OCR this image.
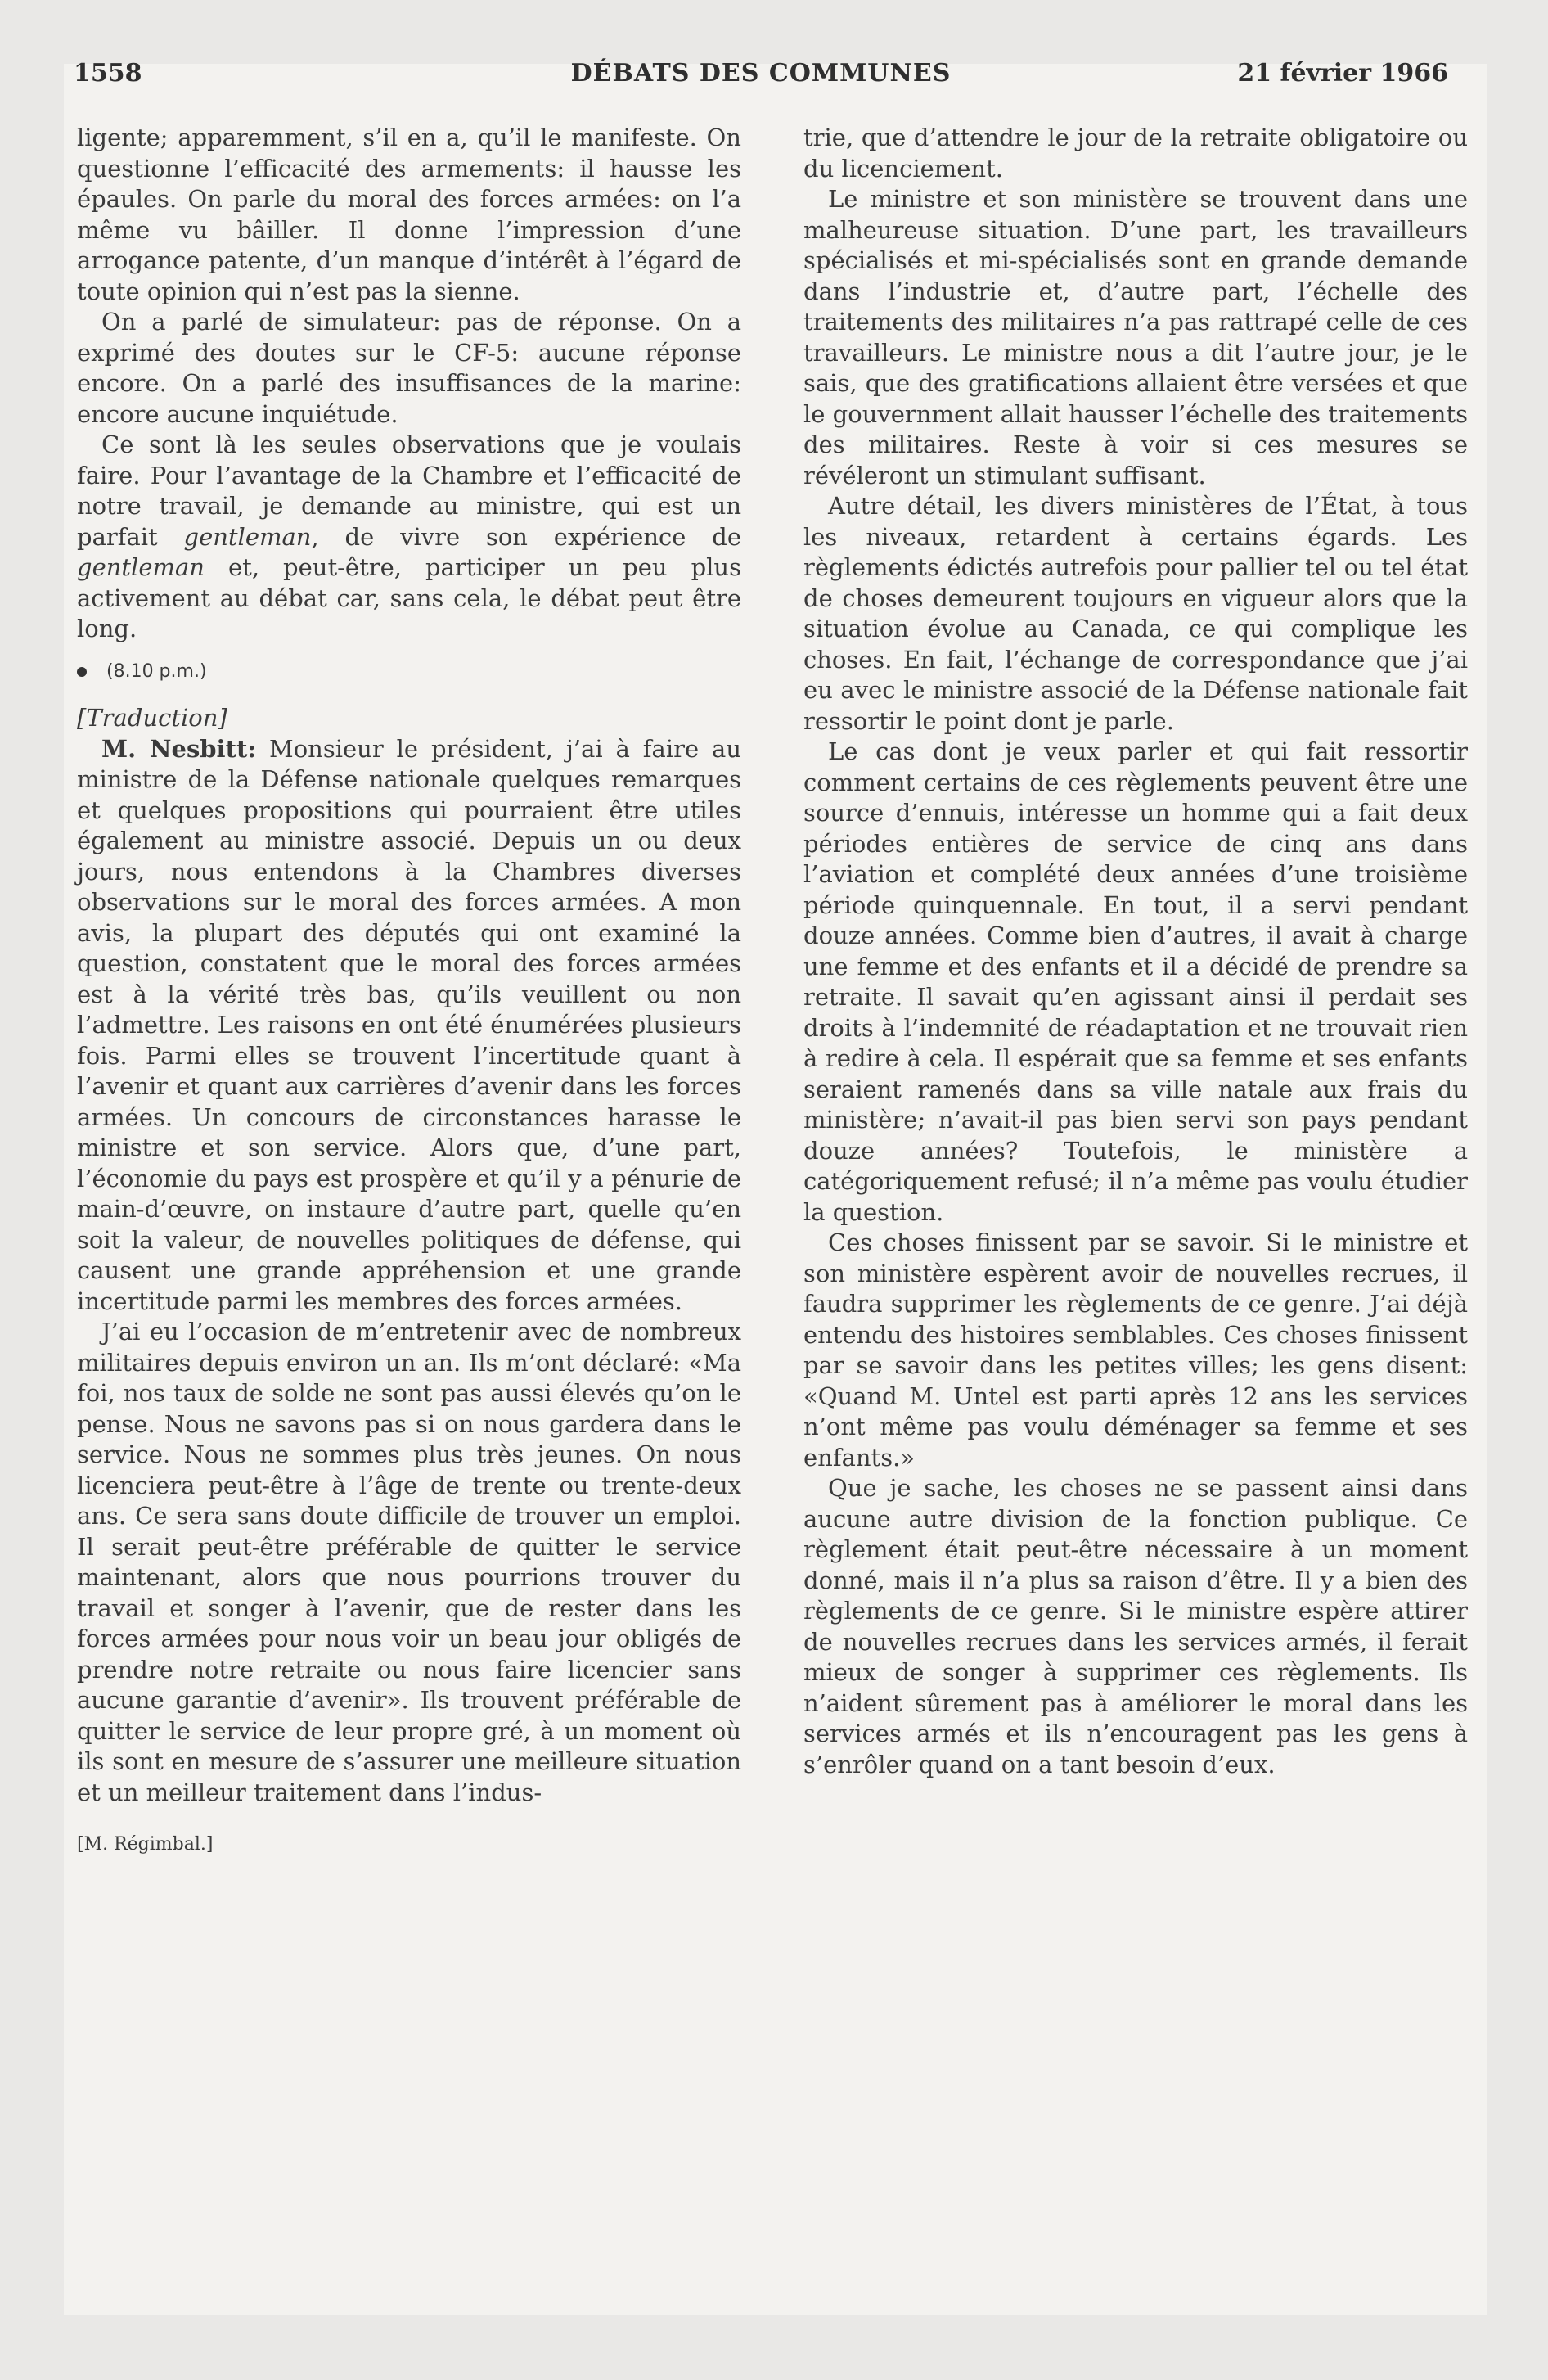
1558	DÉBATS DES COMMUNES	21 février 1966

ligente; apparemment, s’il en a, qu’il le manifeste. On questionne l’efficacité des armements: il hausse les épaules. On parle du moral des forces armées: on l’a même vu bâiller. Il donne l’impression d’une arrogance patente, d’un manque d’intérêt à l’égard de toute opinion qui n’est pas la sienne.

On a parlé de simulateur: pas de réponse. On a exprimé des doutes sur le CF-5: aucune réponse encore. On a parlé des insuffisances de la marine: encore aucune inquiétude.

Ce sont là les seules observations que je voulais faire. Pour l’avantage de la Chambre et l’efficacité de notre travail, je demande au ministre, qui est un parfait gentleman, de vivre son expérience de gentleman et, peut-être, participer un peu plus activement au débat car, sans cela, le débat peut être long.

(8.10 p.m.)

[Traduction]

M. Nesbitt: Monsieur le président, j’ai à faire au ministre de la Défense nationale quelques remarques et quelques propositions qui pourraient être utiles également au ministre associé. Depuis un ou deux jours, nous entendons à la Chambres diverses observations sur le moral des forces armées. A mon avis, la plupart des députés qui ont examiné la question, constatent que le moral des forces armées est à la vérité très bas, qu’ils veuillent ou non l’admettre. Les raisons en ont été énumérées plusieurs fois. Parmi elles se trouvent l’incertitude quant à l’avenir et quant aux carrières d’avenir dans les forces armées. Un concours de circonstances harasse le ministre et son service. Alors que, d’une part, l’économie du pays est prospère et qu’il y a pénurie de main-d’œuvre, on instaure d’autre part, quelle qu’en soit la valeur, de nouvelles politiques de défense, qui causent une grande appréhension et une grande incertitude parmi les membres des forces armées.

J’ai eu l’occasion de m’entretenir avec de nombreux militaires depuis environ un an. Ils m’ont déclaré: «Ma foi, nos taux de solde ne sont pas aussi élevés qu’on le pense. Nous ne savons pas si on nous gardera dans le service. Nous ne sommes plus très jeunes. On nous licenciera peut-être à l’âge de trente ou trente-deux ans. Ce sera sans doute difficile de trouver un emploi. Il serait peut-être préférable de quitter le service maintenant, alors que nous pourrions trouver du travail et songer à l’avenir, que de rester dans les forces armées pour nous voir un beau jour obligés de prendre notre retraite ou nous faire licencier sans aucune garantie d’avenir». Ils trouvent préférable de quitter le service de leur propre gré, à un moment où ils sont en mesure de s’assurer une meilleure situation et un meilleur traitement dans l’indus-

[M. Régimbal.]

trie, que d’attendre le jour de la retraite obligatoire ou du licenciement.

Le ministre et son ministère se trouvent dans une malheureuse situation. D’une part, les travailleurs spécialisés et mi-spécialisés sont en grande demande dans l’industrie et, d’autre part, l’échelle des traitements des militaires n’a pas rattrapé celle de ces travailleurs. Le ministre nous a dit l’autre jour, je le sais, que des gratifications allaient être versées et que le gouvernment allait hausser l’échelle des traitements des militaires. Reste à voir si ces mesures se révéleront un stimulant suffisant.

Autre détail, les divers ministères de l’État, à tous les niveaux, retardent à certains égards. Les règlements édictés autrefois pour pallier tel ou tel état de choses demeurent toujours en vigueur alors que la situation évolue au Canada, ce qui complique les choses. En fait, l’échange de correspondance que j’ai eu avec le ministre associé de la Défense nationale fait ressortir le point dont je parle.

Le cas dont je veux parler et qui fait ressortir comment certains de ces règlements peuvent être une source d’ennuis, intéresse un homme qui a fait deux périodes entières de service de cinq ans dans l’aviation et complété deux années d’une troisième période quinquennale. En tout, il a servi pendant douze années. Comme bien d’autres, il avait à charge une femme et des enfants et il a décidé de prendre sa retraite. Il savait qu’en agissant ainsi il perdait ses droits à l’indemnité de réadaptation et ne trouvait rien à redire à cela. Il espérait que sa femme et ses enfants seraient ramenés dans sa ville natale aux frais du ministère; n’avait-il pas bien servi son pays pendant douze années? Toutefois, le ministère a catégoriquement refusé; il n’a même pas voulu étudier la question.

Ces choses finissent par se savoir. Si le ministre et son ministère espèrent avoir de nouvelles recrues, il faudra supprimer les règlements de ce genre. J’ai déjà entendu des histoires semblables. Ces choses finissent par se savoir dans les petites villes; les gens disent: «Quand M. Untel est parti après 12 ans les services n’ont même pas voulu déménager sa femme et ses enfants.»

Que je sache, les choses ne se passent ainsi dans aucune autre division de la fonction publique. Ce règlement était peut-être nécessaire à un moment donné, mais il n’a plus sa raison d’être. Il y a bien des règlements de ce genre. Si le ministre espère attirer de nouvelles recrues dans les services armés, il ferait mieux de songer à supprimer ces règlements. Ils n’aident sûrement pas à améliorer le moral dans les services armés et ils n’encouragent pas les gens à s’enrôler quand on a tant besoin d’eux.
